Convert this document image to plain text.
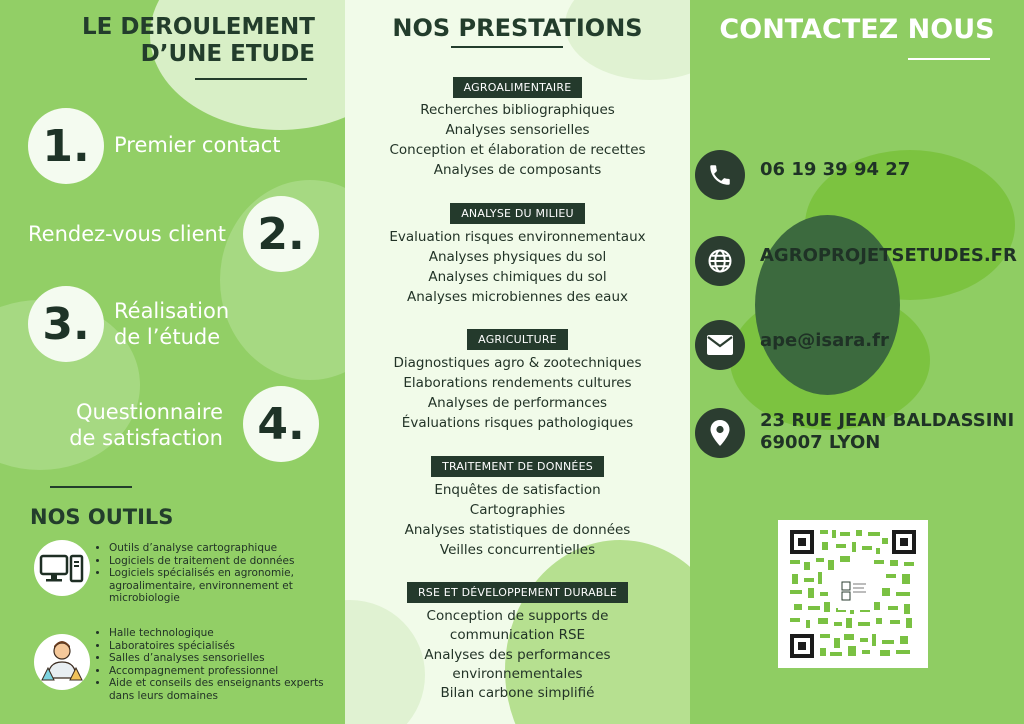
LE DEROULEMENT
D’UNE ETUDE
1.	Premier contact
2.
Rendez-vous client
3.	Réalisation
de l’étude
4.
Questionnaire
de satisfaction
NOS OUTILS
• Outils d’analyse cartographique
• Logiciels de traitement de données
• Logiciels spécialisés en agronomie, agroalimentaire, environnement et microbiologie
• Halle technologique
• Laboratoires spécialisés
• Salles d’analyses sensorielles
• Accompagnement professionnel
• Aide et conseils des enseignants experts dans leurs domaines
NOS PRESTATIONS
AGROALIMENTAIRE
Recherches bibliographiques
Analyses sensorielles
Conception et élaboration de recettes
Analyses de composants
ANALYSE DU MILIEU
Evaluation risques environnementaux
Analyses physiques du sol
Analyses chimiques du sol
Analyses microbiennes des eaux
AGRICULTURE
Diagnostiques agro & zootechniques
Elaborations rendements cultures
Analyses de performances
Évaluations risques pathologiques
TRAITEMENT DE DONNÉES
Enquêtes de satisfaction
Cartographies
Analyses statistiques de données
Veilles concurrentielles
RSE ET DÉVELOPPEMENT DURABLE
Conception de supports de
communication RSE
Analyses des performances
environnementales
Bilan carbone simplifié
CONTACTEZ NOUS
06 19 39 94 27
AGROPROJETSETUDES.FR
ape@isara.fr
23 RUE JEAN BALDASSINI
69007 LYON
